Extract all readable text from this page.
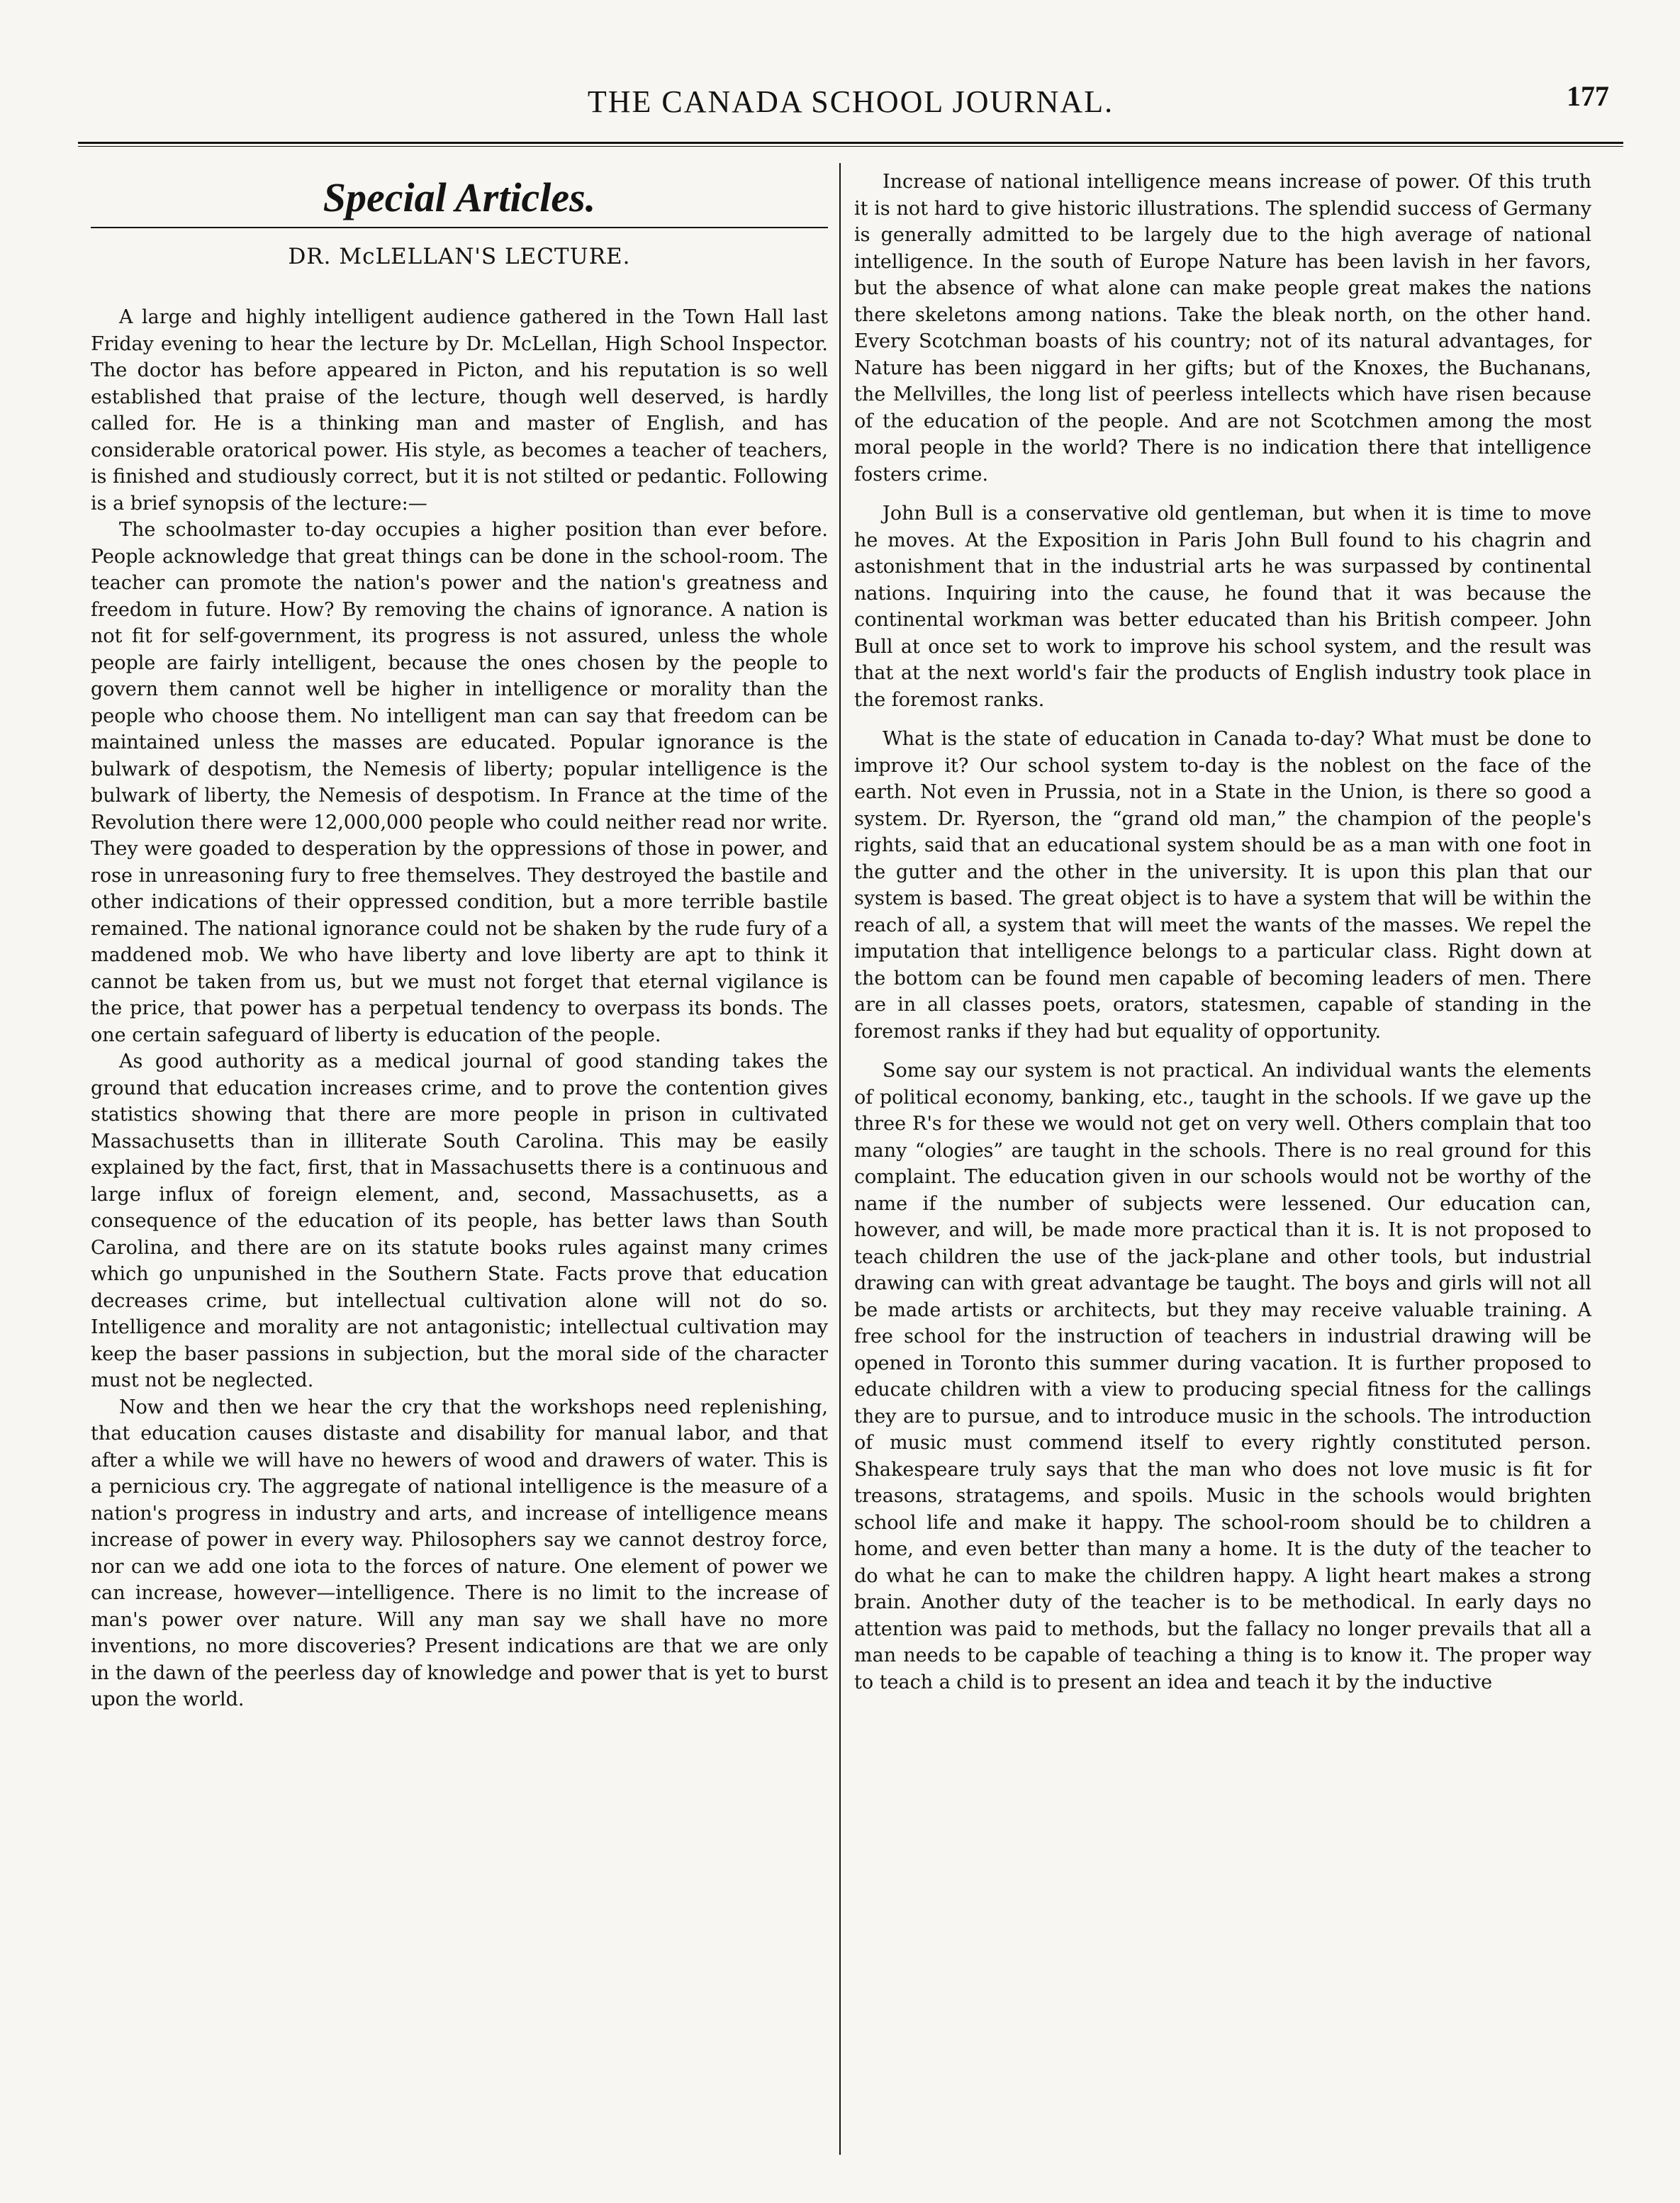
THE CANADA SCHOOL JOURNAL.	177
Special Articles.
DR. McLELLAN'S LECTURE.

A large and highly intelligent audience gathered in the Town Hall last Friday evening to hear the lecture by Dr. McLellan, High School Inspector. The doctor has before appeared in Picton, and his reputation is so well established that praise of the lecture, though well deserved, is hardly called for. He is a thinking man and master of English, and has considerable oratorical power. His style, as becomes a teacher of teachers, is finished and studiously correct, but it is not stilted or pedantic. Following is a brief synopsis of the lecture:—

The schoolmaster to-day occupies a higher position than ever before. People acknowledge that great things can be done in the school-room. The teacher can promote the nation's power and the nation's greatness and freedom in future. How? By removing the chains of ignorance. A nation is not fit for self-government, its progress is not assured, unless the whole people are fairly intelligent, because the ones chosen by the people to govern them cannot well be higher in intelligence or morality than the people who choose them. No intelligent man can say that freedom can be maintained unless the masses are educated. Popular ignorance is the bulwark of despotism, the Nemesis of liberty; popular intelligence is the bulwark of liberty, the Nemesis of despotism. In France at the time of the Revolution there were 12,000,000 people who could neither read nor write. They were goaded to desperation by the oppressions of those in power, and rose in unreasoning fury to free themselves. They destroyed the bastile and other indications of their oppressed condition, but a more terrible bastile remained. The national ignorance could not be shaken by the rude fury of a maddened mob. We who have liberty and love liberty are apt to think it cannot be taken from us, but we must not forget that eternal vigilance is the price, that power has a perpetual tendency to overpass its bonds. The one certain safeguard of liberty is education of the people.

As good authority as a medical journal of good standing takes the ground that education increases crime, and to prove the contention gives statistics showing that there are more people in prison in cultivated Massachusetts than in illiterate South Carolina. This may be easily explained by the fact, first, that in Massachusetts there is a continuous and large influx of foreign element, and, second, Massachusetts, as a consequence of the education of its people, has better laws than South Carolina, and there are on its statute books rules against many crimes which go unpunished in the Southern State. Facts prove that education decreases crime, but intellectual cultivation alone will not do so. Intelligence and morality are not antagonistic; intellectual cultivation may keep the baser passions in subjection, but the moral side of the character must not be neglected.

Now and then we hear the cry that the workshops need replenishing, that education causes distaste and disability for manual labor, and that after a while we will have no hewers of wood and drawers of water. This is a pernicious cry. The aggregate of national intelligence is the measure of a nation's progress in industry and arts, and increase of intelligence means increase of power in every way. Philosophers say we cannot destroy force, nor can we add one iota to the forces of nature. One element of power we can increase, however—intelligence. There is no limit to the increase of man's power over nature. Will any man say we shall have no more inventions, no more discoveries? Present indications are that we are only in the dawn of the peerless day of knowledge and power that is yet to burst upon the world.

Increase of national intelligence means increase of power. Of this truth it is not hard to give historic illustrations. The splendid success of Germany is generally admitted to be largely due to the high average of national intelligence. In the south of Europe Nature has been lavish in her favors, but the absence of what alone can make people great makes the nations there skeletons among nations. Take the bleak north, on the other hand. Every Scotchman boasts of his country; not of its natural advantages, for Nature has been niggard in her gifts; but of the Knoxes, the Buchanans, the Mellvilles, the long list of peerless intellects which have risen because of the education of the people. And are not Scotchmen among the most moral people in the world? There is no indication there that intelligence fosters crime.

John Bull is a conservative old gentleman, but when it is time to move he moves. At the Exposition in Paris John Bull found to his chagrin and astonishment that in the industrial arts he was surpassed by continental nations. Inquiring into the cause, he found that it was because the continental workman was better educated than his British compeer. John Bull at once set to work to improve his school system, and the result was that at the next world's fair the products of English industry took place in the foremost ranks.

What is the state of education in Canada to-day? What must be done to improve it? Our school system to-day is the noblest on the face of the earth. Not even in Prussia, not in a State in the Union, is there so good a system. Dr. Ryerson, the “grand old man,” the champion of the people's rights, said that an educational system should be as a man with one foot in the gutter and the other in the university. It is upon this plan that our system is based. The great object is to have a system that will be within the reach of all, a system that will meet the wants of the masses. We repel the imputation that intelligence belongs to a particular class. Right down at the bottom can be found men capable of becoming leaders of men. There are in all classes poets, orators, statesmen, capable of standing in the foremost ranks if they had but equality of opportunity.

Some say our system is not practical. An individual wants the elements of political economy, banking, etc., taught in the schools. If we gave up the three R's for these we would not get on very well. Others complain that too many “ologies” are taught in the schools. There is no real ground for this complaint. The education given in our schools would not be worthy of the name if the number of subjects were lessened. Our education can, however, and will, be made more practical than it is. It is not proposed to teach children the use of the jack-plane and other tools, but industrial drawing can with great advantage be taught. The boys and girls will not all be made artists or architects, but they may receive valuable training. A free school for the instruction of teachers in industrial drawing will be opened in Toronto this summer during vacation. It is further proposed to educate children with a view to producing special fitness for the callings they are to pursue, and to introduce music in the schools. The introduction of music must commend itself to every rightly constituted person. Shakespeare truly says that the man who does not love music is fit for treasons, stratagems, and spoils. Music in the schools would brighten school life and make it happy. The school-room should be to children a home, and even better than many a home. It is the duty of the teacher to do what he can to make the children happy. A light heart makes a strong brain. Another duty of the teacher is to be methodical. In early days no attention was paid to methods, but the fallacy no longer prevails that all a man needs to be capable of teaching a thing is to know it. The proper way to teach a child is to present an idea and teach it by the inductive
